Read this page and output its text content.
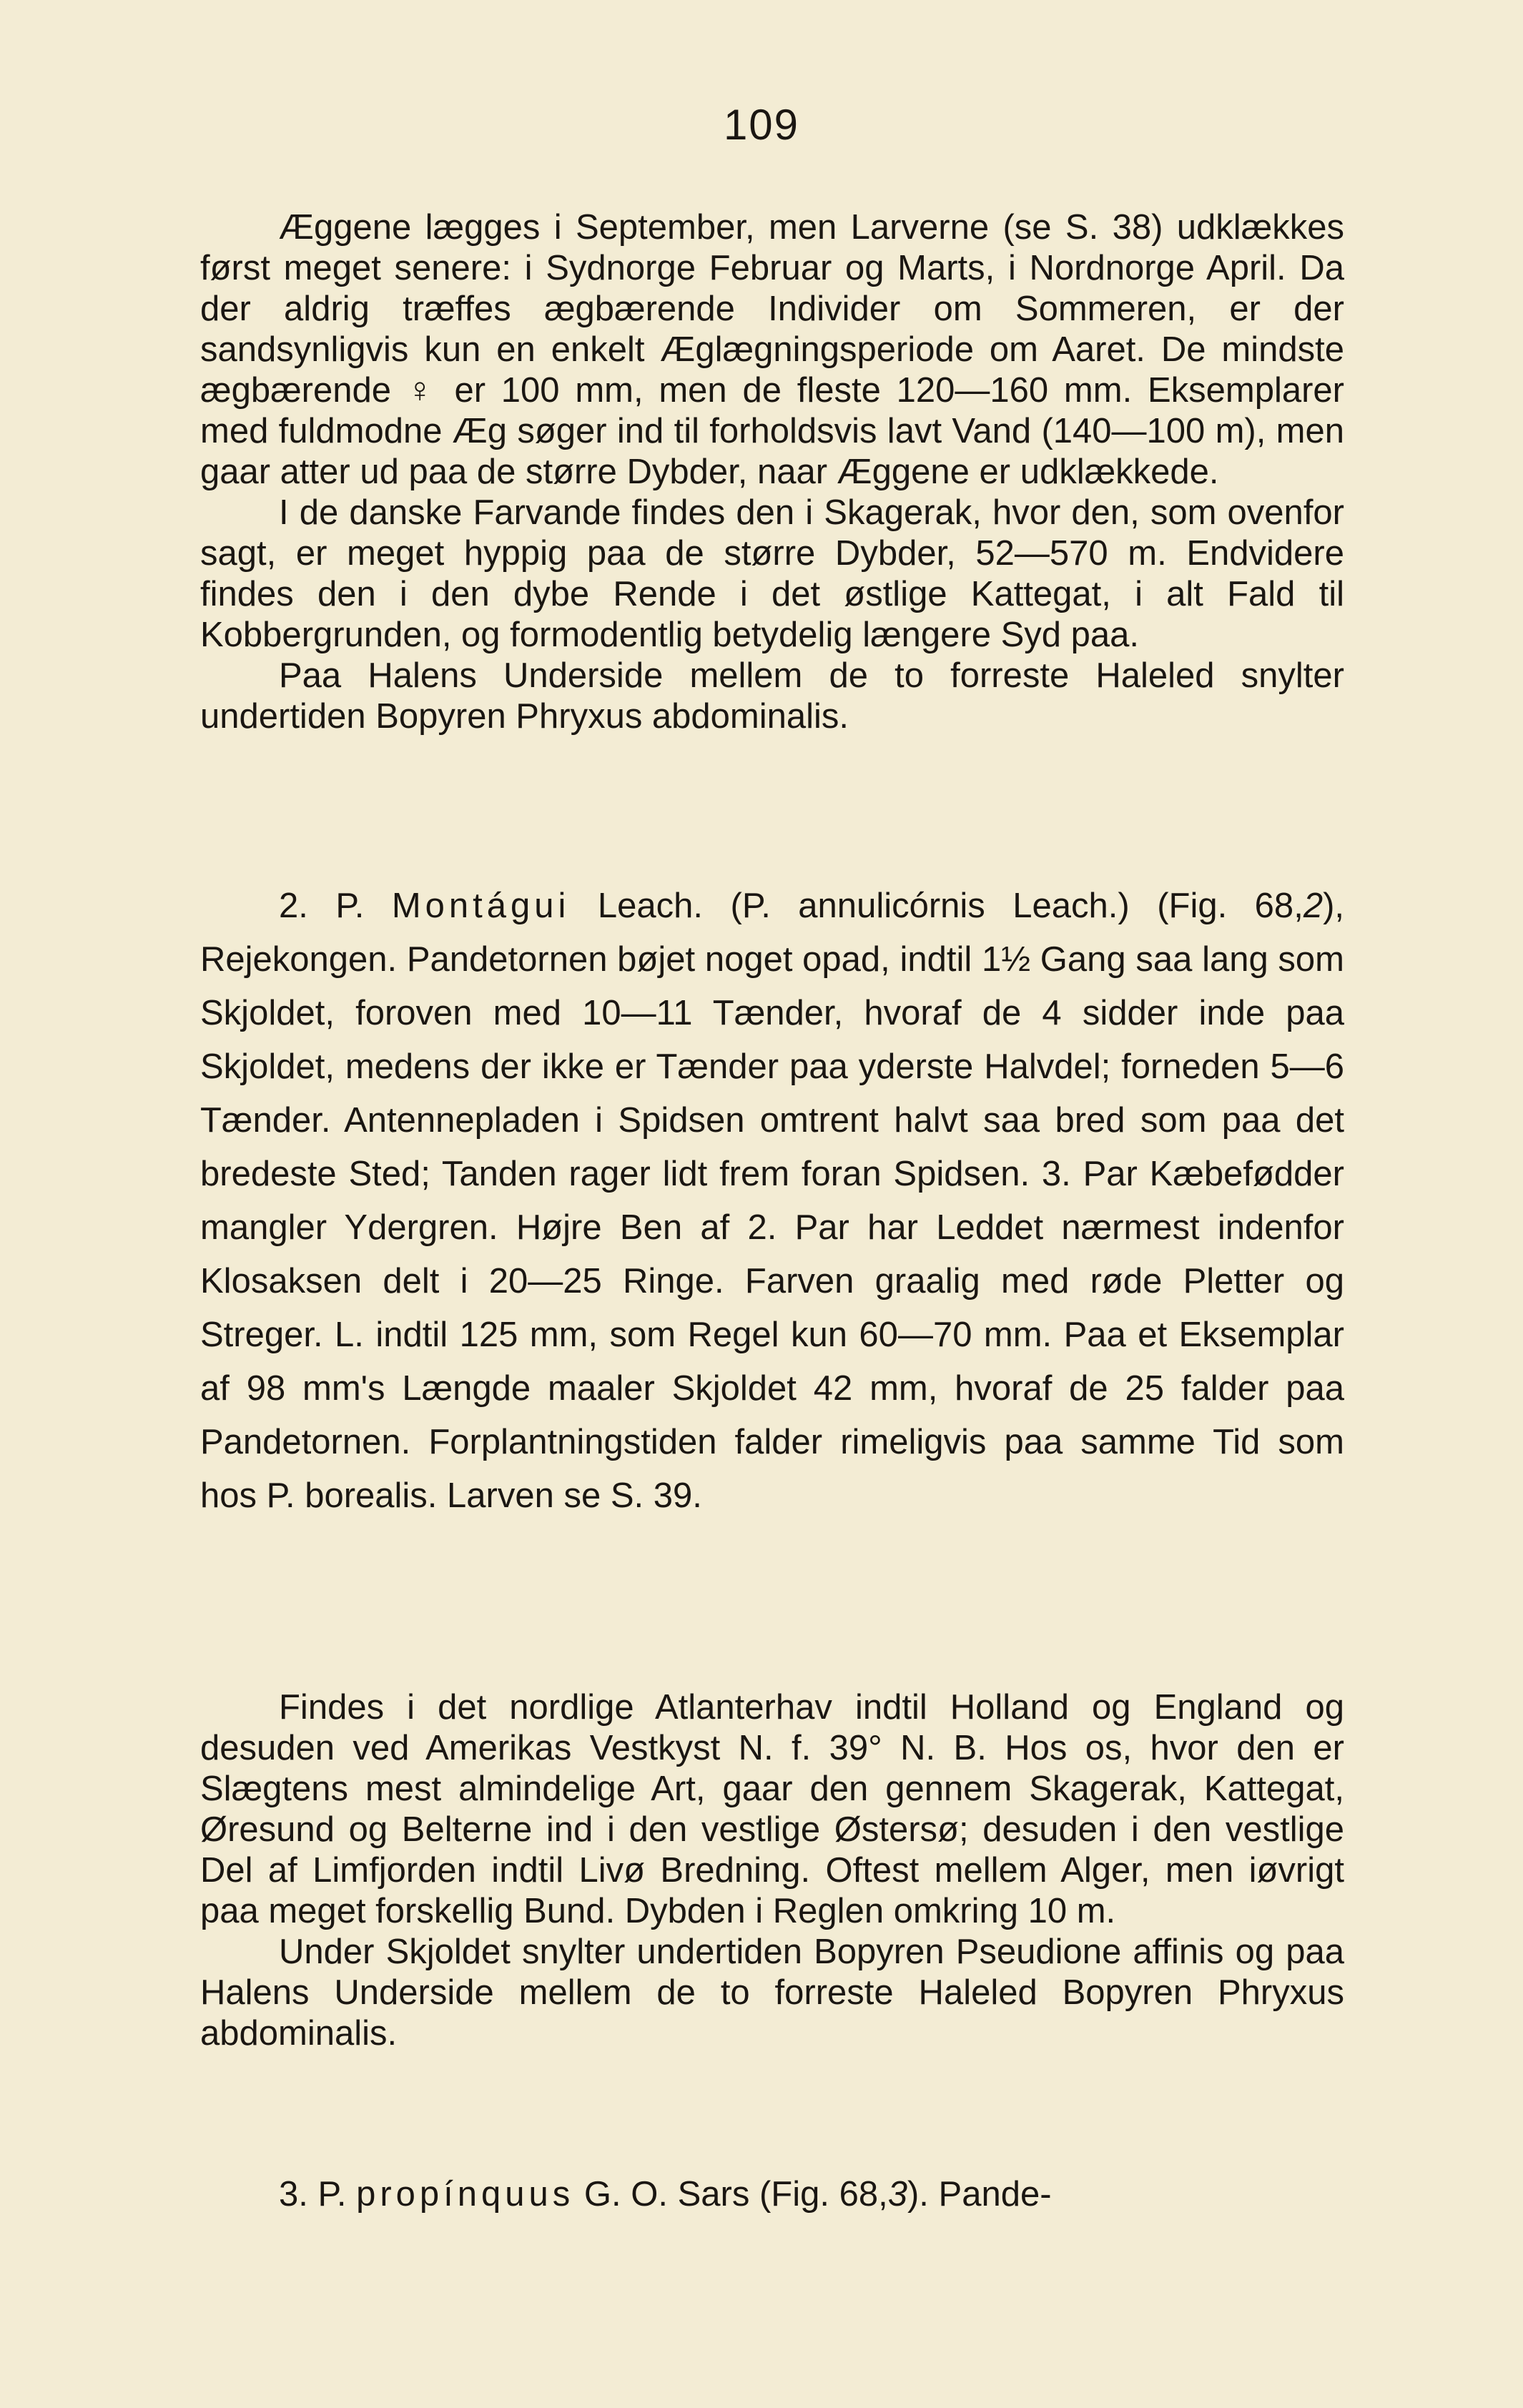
109

Æggene lægges i September, men Larverne (se S. 38) udklækkes først meget senere: i Sydnorge Februar og Marts, i Nordnorge April. Da der aldrig træffes ægbærende Individer om Sommeren, er der sandsynligvis kun en enkelt Æglægningsperiode om Aaret. De mindste ægbærende ♀ er 100 mm, men de fleste 120—160 mm. Eksemplarer med fuldmodne Æg søger ind til forholdsvis lavt Vand (140—100 m), men gaar atter ud paa de større Dybder, naar Æggene er udklækkede.

I de danske Farvande findes den i Skagerak, hvor den, som ovenfor sagt, er meget hyppig paa de større Dybder, 52—570 m. Endvidere findes den i den dybe Rende i det østlige Kattegat, i alt Fald til Kobbergrunden, og formodentlig betydelig længere Syd paa.

Paa Halens Underside mellem de to forreste Haleled snylter undertiden Bopyren Phryxus abdominalis.

2. P. Montágui Leach. (P. annulicórnis Leach.) (Fig. 68,2), Rejekongen. Pandetornen bøjet noget opad, indtil 1½ Gang saa lang som Skjoldet, foroven med 10—11 Tænder, hvoraf de 4 sidder inde paa Skjoldet, medens der ikke er Tænder paa yderste Halvdel; forneden 5—6 Tænder. Antennepladen i Spidsen omtrent halvt saa bred som paa det bredeste Sted; Tanden rager lidt frem foran Spidsen. 3. Par Kæbefødder mangler Ydergren. Højre Ben af 2. Par har Leddet nærmest indenfor Klosaksen delt i 20—25 Ringe. Farven graalig med røde Pletter og Streger. L. indtil 125 mm, som Regel kun 60—70 mm. Paa et Eksemplar af 98 mm's Længde maaler Skjoldet 42 mm, hvoraf de 25 falder paa Pandetornen. Forplantningstiden falder rimeligvis paa samme Tid som hos P. borealis. Larven se S. 39.

Findes i det nordlige Atlanterhav indtil Holland og England og desuden ved Amerikas Vestkyst N. f. 39° N. B. Hos os, hvor den er Slægtens mest almindelige Art, gaar den gennem Skagerak, Kattegat, Øresund og Belterne ind i den vestlige Østersø; desuden i den vestlige Del af Limfjorden indtil Livø Bredning. Oftest mellem Alger, men iøvrigt paa meget forskellig Bund. Dybden i Reglen omkring 10 m.

Under Skjoldet snylter undertiden Bopyren Pseudione affinis og paa Halens Underside mellem de to forreste Haleled Bopyren Phryxus abdominalis.

3. P. propínquus G. O. Sars (Fig. 68,3). Pande-
